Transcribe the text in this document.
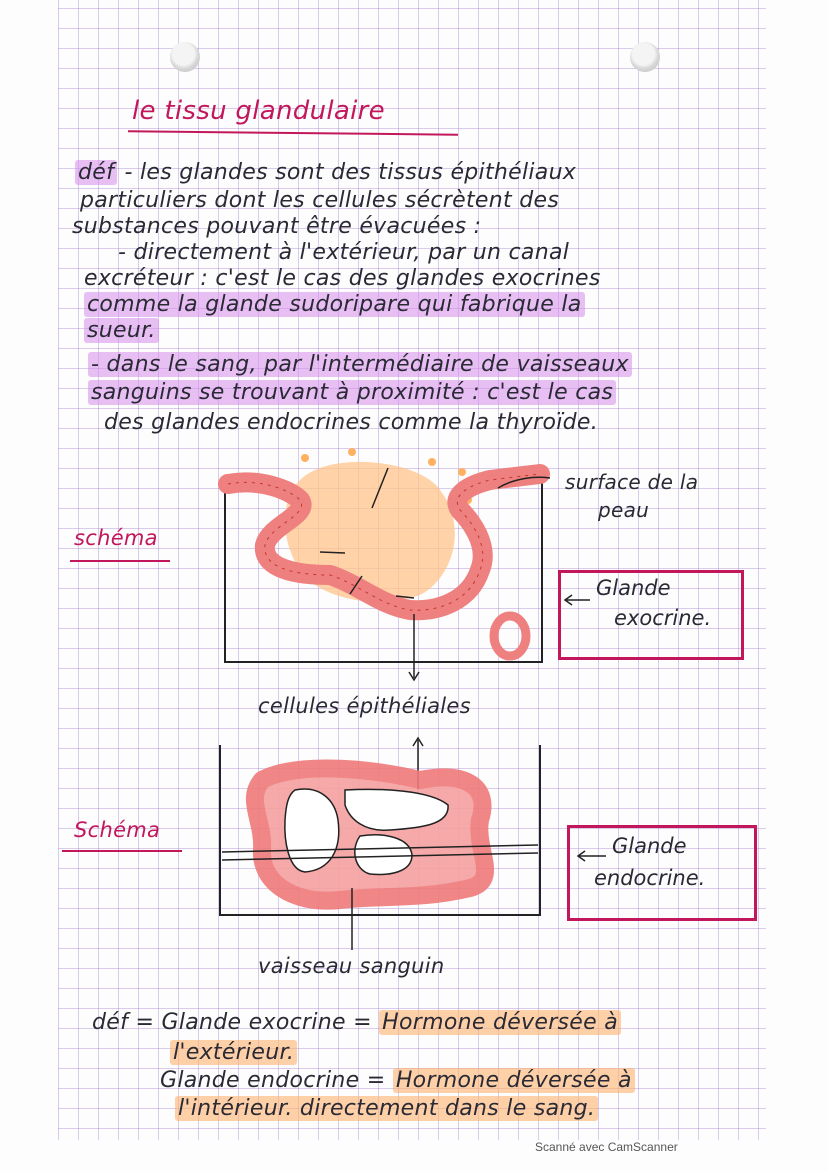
le tissu glandulaire
déf - les glandes sont des tissus épithéliaux
particuliers dont les cellules sécrètent des
substances pouvant être évacuées :
- directement à l'extérieur, par un canal
excréteur : c'est le cas des glandes exocrines
comme la glande sudoripare qui fabrique la
sueur.
- dans le sang, par l'intermédiaire de vaisseaux
sanguins se trouvant à proximité : c'est le cas
des glandes endocrines comme la thyroïde.
schéma
surface de la
peau
Glande
exocrine.
cellules épithéliales
Schéma
Glande
endocrine.
vaisseau sanguin
déf = Glande exocrine = Hormone déversée à
l'extérieur.
Glande endocrine = Hormone déversée à
l'intérieur. directement dans le sang.
Scanné avec CamScanner
